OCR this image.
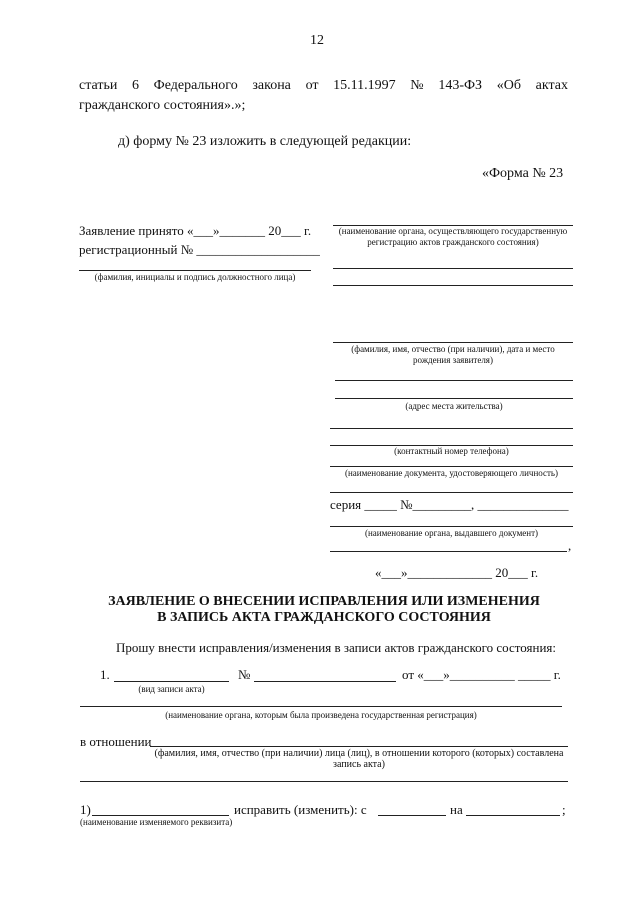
12
статьи 6 Федерального закона от 15.11.1997 № 143-ФЗ «Об актах
гражданского состояния».»;
д) форму № 23 изложить в следующей редакции:
«Форма № 23
Заявление принято «___»_______ 20___ г.
регистрационный № ___________________
(фамилия, инициалы и подпись должностного лица)
(наименование органа, осуществляющего государственную регистрацию актов гражданского состояния)
(фамилия, имя, отчество (при наличии), дата и место рождения заявителя)
(адрес места жительства)
(контактный номер телефона)
(наименование документа, удостоверяющего личность)
серия _____ №_________, ______________
(наименование органа, выдавшего документ)
,
«___»_____________ 20___ г.
ЗАЯВЛЕНИЕ О ВНЕСЕНИИ ИСПРАВЛЕНИЯ ИЛИ ИЗМЕНЕНИЯ
В ЗАПИСЬ АКТА ГРАЖДАНСКОГО СОСТОЯНИЯ
Прошу внести исправления/изменения в записи актов гражданского состояния:
1.	№	от «___»__________ _____ г.
(вид записи акта)
(наименование органа, которым была произведена государственная регистрация)
в отношении
(фамилия, имя, отчество (при наличии) лица (лиц), в отношении которого (которых) составлена запись акта)
1)	исправить (изменить): с	на	;
(наименование изменяемого реквизита)
